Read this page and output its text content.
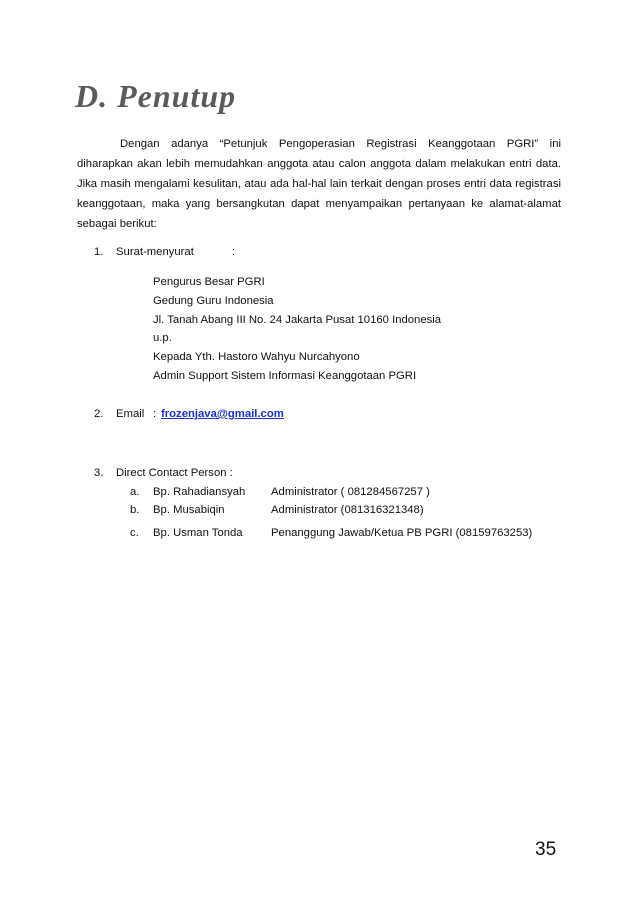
D. Penutup

Dengan adanya “Petunjuk Pengoperasian Registrasi Keanggotaan PGRI” ini diharapkan akan lebih memudahkan anggota atau calon anggota dalam melakukan entri data. Jika masih mengalami kesulitan, atau ada hal-hal lain terkait dengan proses entri data registrasi keanggotaan, maka yang bersangkutan dapat menyampaikan pertanyaan ke alamat-alamat sebagai berikut:

1. Surat-menyurat	:
Pengurus Besar PGRI
Gedung Guru Indonesia
Jl. Tanah Abang III No. 24 Jakarta Pusat 10160 Indonesia
u.p.
Kepada Yth. Hastoro Wahyu Nurcahyono
Admin Support Sistem Informasi Keanggotaan PGRI
2. Email : frozenjava@gmail.com
3. Direct Contact Person :
a. Bp. Rahadiansyah Administrator ( 081284567257 )
b. Bp. Musabiqin	Administrator (081316321348)
c. Bp. Usman Tonda	Penanggung Jawab/Ketua PB PGRI (08159763253)
35
